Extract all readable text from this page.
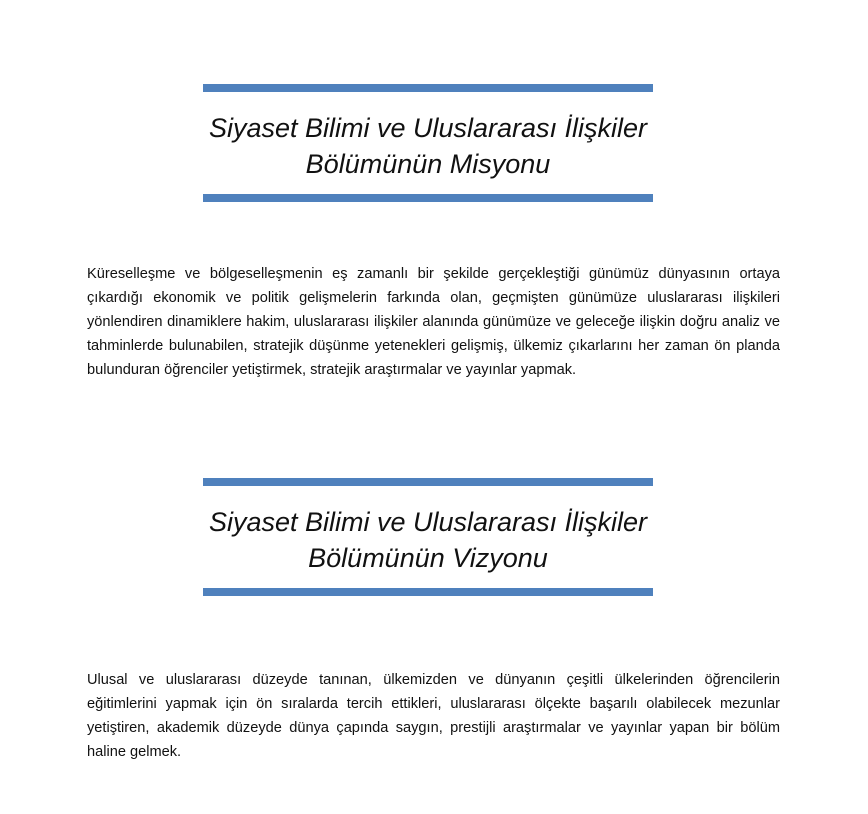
Siyaset Bilimi ve Uluslararası İlişkiler

Bölümünün Misyonu

Küreselleşme ve bölgeselleşmenin eş zamanlı bir şekilde gerçekleştiği günümüz dünyasının ortaya çıkardığı ekonomik ve politik gelişmelerin farkında olan, geçmişten günümüze uluslararası ilişkileri yönlendiren dinamiklere hakim, uluslararası ilişkiler alanında günümüze ve geleceğe ilişkin doğru analiz ve tahminlerde bulunabilen, stratejik düşünme yetenekleri gelişmiş, ülkemiz çıkarlarını her zaman ön planda bulunduran öğrenciler yetiştirmek, stratejik araştırmalar ve yayınlar yapmak.

Siyaset Bilimi ve Uluslararası İlişkiler

Bölümünün Vizyonu

Ulusal ve uluslararası düzeyde tanınan, ülkemizden ve dünyanın çeşitli ülkelerinden öğrencilerin eğitimlerini yapmak için ön sıralarda tercih ettikleri, uluslararası ölçekte başarılı olabilecek mezunlar yetiştiren, akademik düzeyde dünya çapında saygın, prestijli araştırmalar ve yayınlar yapan bir bölüm haline gelmek.
